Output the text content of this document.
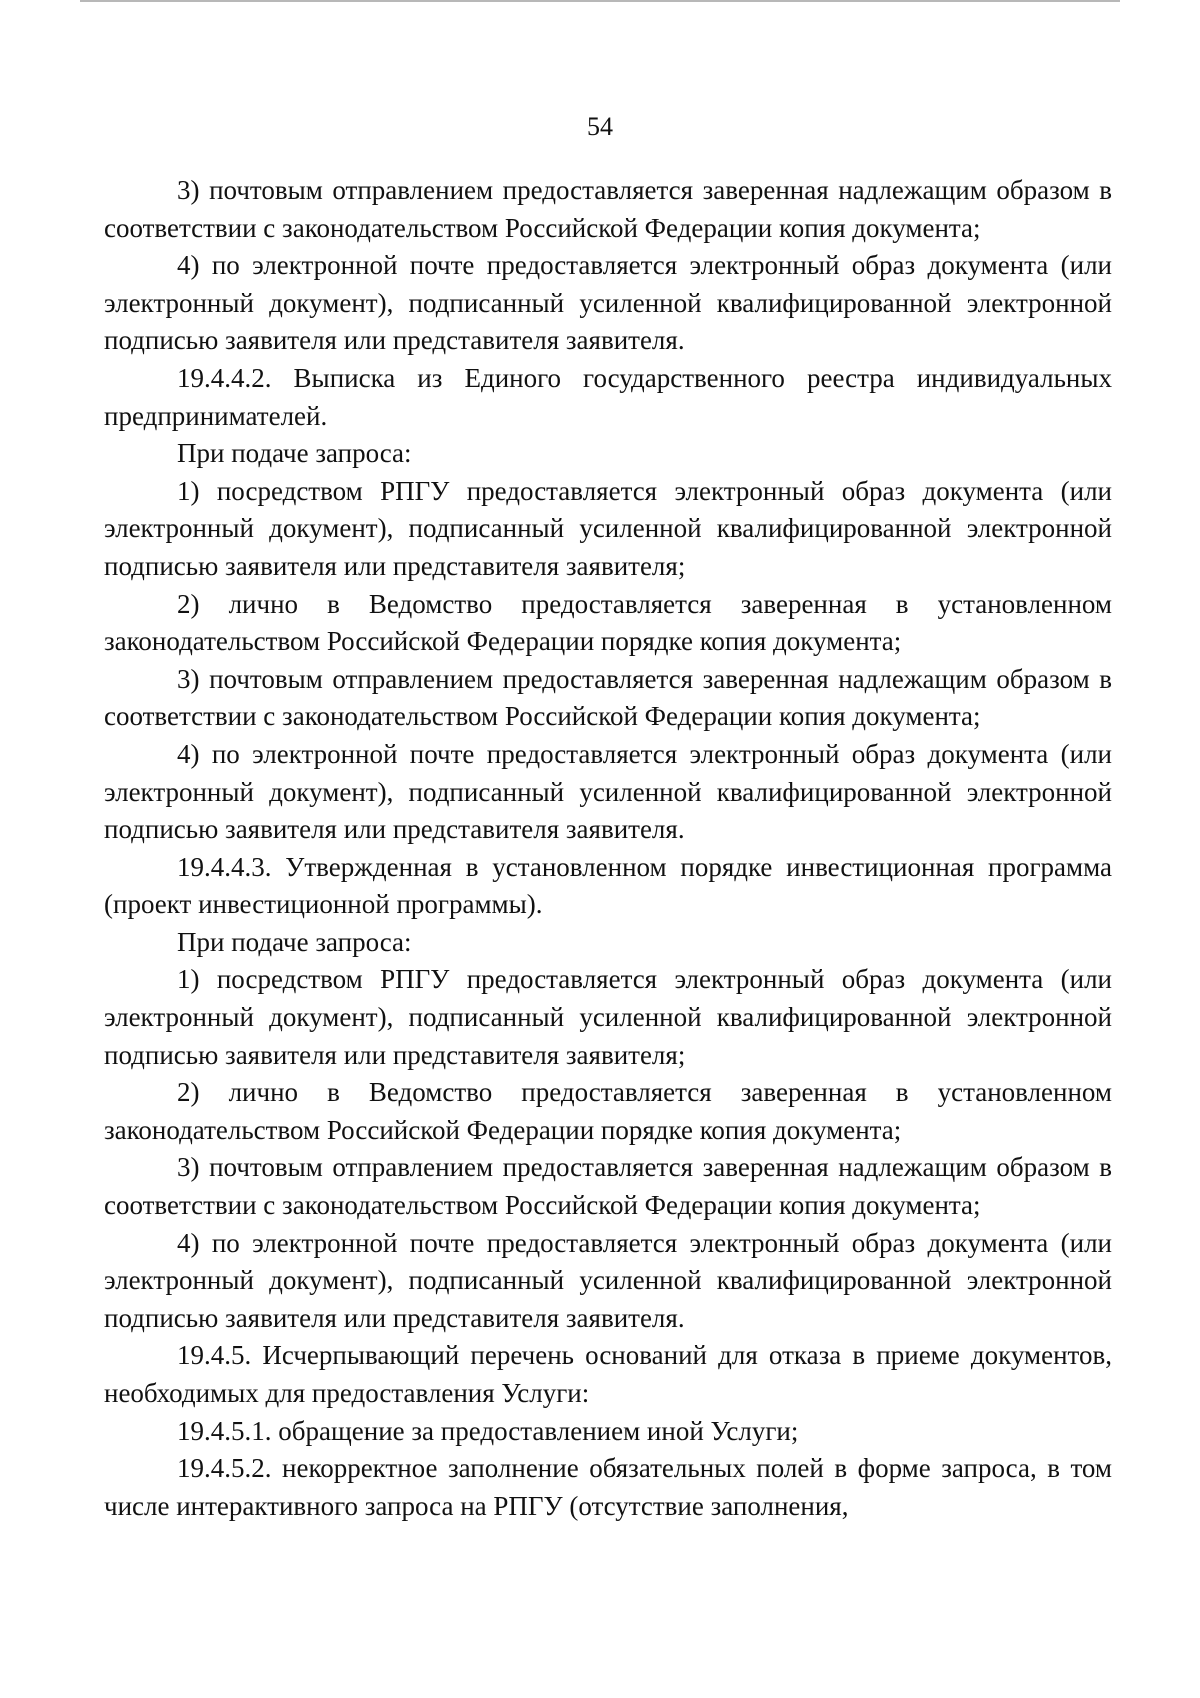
54

3) почтовым отправлением предоставляется заверенная надлежащим образом в соответствии с законодательством Российской Федерации копия документа;

4) по электронной почте предоставляется электронный образ документа (или электронный документ), подписанный усиленной квалифицированной электронной подписью заявителя или представителя заявителя.

19.4.4.2. Выписка из Единого государственного реестра индивидуальных предпринимателей.

При подаче запроса:

1) посредством РПГУ предоставляется электронный образ документа (или электронный документ), подписанный усиленной квалифицированной электронной подписью заявителя или представителя заявителя;

2) лично в Ведомство предоставляется заверенная в установленном законодательством Российской Федерации порядке копия документа;

3) почтовым отправлением предоставляется заверенная надлежащим образом в соответствии с законодательством Российской Федерации копия документа;

4) по электронной почте предоставляется электронный образ документа (или электронный документ), подписанный усиленной квалифицированной электронной подписью заявителя или представителя заявителя.

19.4.4.3. Утвержденная в установленном порядке инвестиционная программа (проект инвестиционной программы).

При подаче запроса:

1) посредством РПГУ предоставляется электронный образ документа (или электронный документ), подписанный усиленной квалифицированной электронной подписью заявителя или представителя заявителя;

2) лично в Ведомство предоставляется заверенная в установленном законодательством Российской Федерации порядке копия документа;

3) почтовым отправлением предоставляется заверенная надлежащим образом в соответствии с законодательством Российской Федерации копия документа;

4) по электронной почте предоставляется электронный образ документа (или электронный документ), подписанный усиленной квалифицированной электронной подписью заявителя или представителя заявителя.

19.4.5. Исчерпывающий перечень оснований для отказа в приеме документов, необходимых для предоставления Услуги:

19.4.5.1. обращение за предоставлением иной Услуги;

19.4.5.2. некорректное заполнение обязательных полей в форме запроса, в том числе интерактивного запроса на РПГУ (отсутствие заполнения,
